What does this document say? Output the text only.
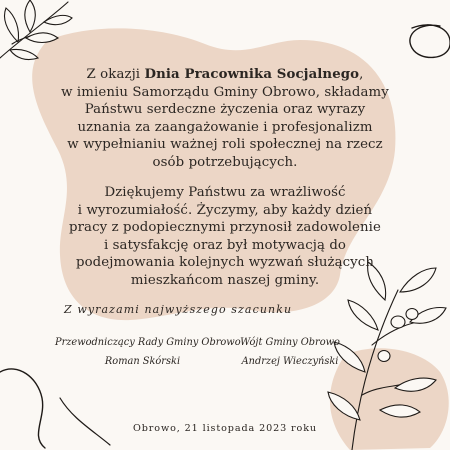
Z okazji Dnia Pracownika Socjalnego,
w imieniu Samorządu Gminy Obrowo, składamy
Państwu serdeczne życzenia oraz wyrazy
uznania za zaangażowanie i profesjonalizm
w wypełnianiu ważnej roli społecznej na rzecz
osób potrzebujących.
Dziękujemy Państwu za wrażliwość
i wyrozumiałość. Życzymy, aby każdy dzień
pracy z podopiecznymi przynosił zadowolenie
i satysfakcję oraz był motywacją do
podejmowania kolejnych wyzwań służących
mieszkańcom naszej gminy.
Z wyrazami najwyższego szacunku
Przewodniczący Rady Gminy Obrowo
Roman Skórski
Wójt Gminy Obrowo
Andrzej Wieczyński
Obrowo, 21 listopada 2023 roku
